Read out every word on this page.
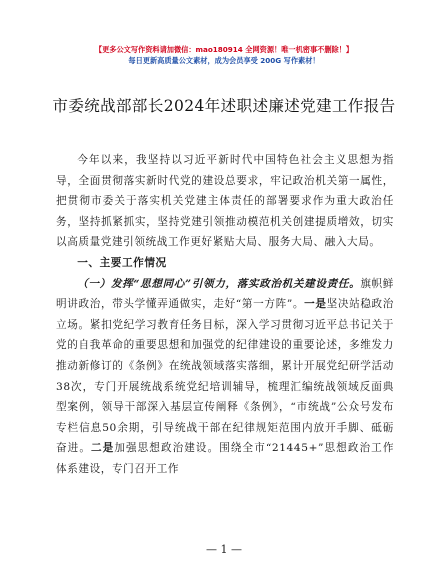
【更多公文写作资料请加微信：mao180914 全网资源！唯一机密事不删除！】
每日更新高质量公文素材，成为会员享受 200G 写作素材！
市委统战部部长2024年述职述廉述党建工作报告

今年以来，我坚持以习近平新时代中国特色社会主义思想为指导，全面贯彻落实新时代党的建设总要求，牢记政治机关第一属性，把贯彻市委关于落实机关党建主体责任的部署要求作为重大政治任务，坚持抓紧抓实，坚持党建引领推动模范机关创建提质增效，切实以高质量党建引领统战工作更好紧贴大局、服务大局、融入大局。

一、主要工作情况

（一）发挥“思想同心”引领力，落实政治机关建设责任。旗帜鲜明讲政治，带头学懂弄通做实，走好“第一方阵”。一是坚决站稳政治立场。紧扣党纪学习教育任务目标，深入学习贯彻习近平总书记关于党的自我革命的重要思想和加强党的纪律建设的重要论述，多维发力推动新修订的《条例》在统战领域落实落细，累计开展党纪研学活动38次，专门开展统战系统党纪培训辅导，梳理汇编统战领域反面典型案例，领导干部深入基层宣传阐释《条例》，“市统战”公众号发布专栏信息50余期，引导统战干部在纪律规矩范围内放开手脚、砥砺奋进。二是加强思想政治建设。围绕全市“21445+”思想政治工作体系建设，专门召开工作

— 1 —
